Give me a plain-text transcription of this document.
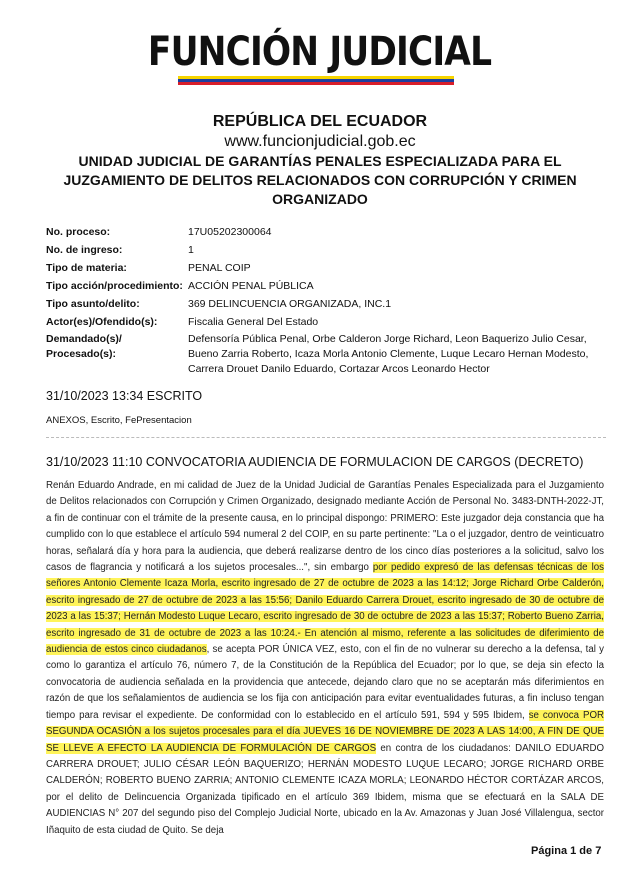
FUNCIÓN JUDICIAL
REPÚBLICA DEL ECUADOR
www.funcionjudicial.gob.ec
UNIDAD JUDICIAL DE GARANTÍAS PENALES ESPECIALIZADA PARA EL JUZGAMIENTO DE DELITOS RELACIONADOS CON CORRUPCIÓN Y CRIMEN ORGANIZADO
No. proceso:	17U05202300064
No. de ingreso:	1
Tipo de materia:	PENAL COIP
Tipo acción/procedimiento: ACCIÓN PENAL PÚBLICA
Tipo asunto/delito:	369 DELINCUENCIA ORGANIZADA, INC.1
Actor(es)/Ofendido(s):	Fiscalia General Del Estado
Demandado(s)/ Procesado(s):
Defensoría Pública Penal, Orbe Calderon Jorge Richard, Leon Baquerizo Julio Cesar, Bueno Zarria Roberto, Icaza Morla Antonio Clemente, Luque Lecaro Hernan Modesto, Carrera Drouet Danilo Eduardo, Cortazar Arcos Leonardo Hector
31/10/2023 13:34 ESCRITO
ANEXOS, Escrito, FePresentacion
31/10/2023 11:10 CONVOCATORIA AUDIENCIA DE FORMULACION DE CARGOS (DECRETO)
Renán Eduardo Andrade, en mi calidad de Juez de la Unidad Judicial de Garantías Penales Especializada para el Juzgamiento de Delitos relacionados con Corrupción y Crimen Organizado, designado mediante Acción de Personal No. 3483-DNTH-2022-JT, a fin de continuar con el trámite de la presente causa, en lo principal dispongo: PRIMERO: Este juzgador deja constancia que ha cumplido con lo que establece el artículo 594 numeral 2 del COIP, en su parte pertinente: "La o el juzgador, dentro de veinticuatro horas, señalará día y hora para la audiencia, que deberá realizarse dentro de los cinco días posteriores a la solicitud, salvo los casos de flagrancia y notificará a los sujetos procesales...", sin embargo por pedido expresó de las defensas técnicas de los señores Antonio Clemente Icaza Morla, escrito ingresado de 27 de octubre de 2023 a las 14:12; Jorge Richard Orbe Calderón, escrito ingresado de 27 de octubre de 2023 a las 15:56; Danilo Eduardo Carrera Drouet, escrito ingresado de 30 de octubre de 2023 a las 15:37; Hernán Modesto Luque Lecaro, escrito ingresado de 30 de octubre de 2023 a las 15:37; Roberto Bueno Zarria, escrito ingresado de 31 de octubre de 2023 a las 10:24.- En atención al mismo, referente a las solicitudes de diferimiento de audiencia de estos cinco ciudadanos, se acepta POR ÚNICA VEZ, esto, con el fin de no vulnerar su derecho a la defensa, tal y como lo garantiza el artículo 76, número 7, de la Constitución de la República del Ecuador; por lo que, se deja sin efecto la convocatoria de audiencia señalada en la providencia que antecede, dejando claro que no se aceptarán más diferimientos en razón de que los señalamientos de audiencia se los fija con anticipación para evitar eventualidades futuras, a fin incluso tengan tiempo para revisar el expediente. De conformidad con lo establecido en el artículo 591, 594 y 595 Ibidem, se convoca POR SEGUNDA OCASIÓN a los sujetos procesales para el día JUEVES 16 DE NOVIEMBRE DE 2023 A LAS 14:00, A FIN DE QUE SE LLEVE A EFECTO LA AUDIENCIA DE FORMULACIÓN DE CARGOS en contra de los ciudadanos: DANILO EDUARDO CARRERA DROUET; JULIO CÉSAR LEÓN BAQUERIZO; HERNÁN MODESTO LUQUE LECARO; JORGE RICHARD ORBE CALDERÓN; ROBERTO BUENO ZARRIA; ANTONIO CLEMENTE ICAZA MORLA; LEONARDO HÉCTOR CORTÁZAR ARCOS, por el delito de Delincuencia Organizada tipificado en el artículo 369 Ibidem, misma que se efectuará en la SALA DE AUDIENCIAS N° 207 del segundo piso del Complejo Judicial Norte, ubicado en la Av. Amazonas y Juan José Villalengua, sector Iñaquito de esta ciudad de Quito. Se deja
Página 1 de 7
